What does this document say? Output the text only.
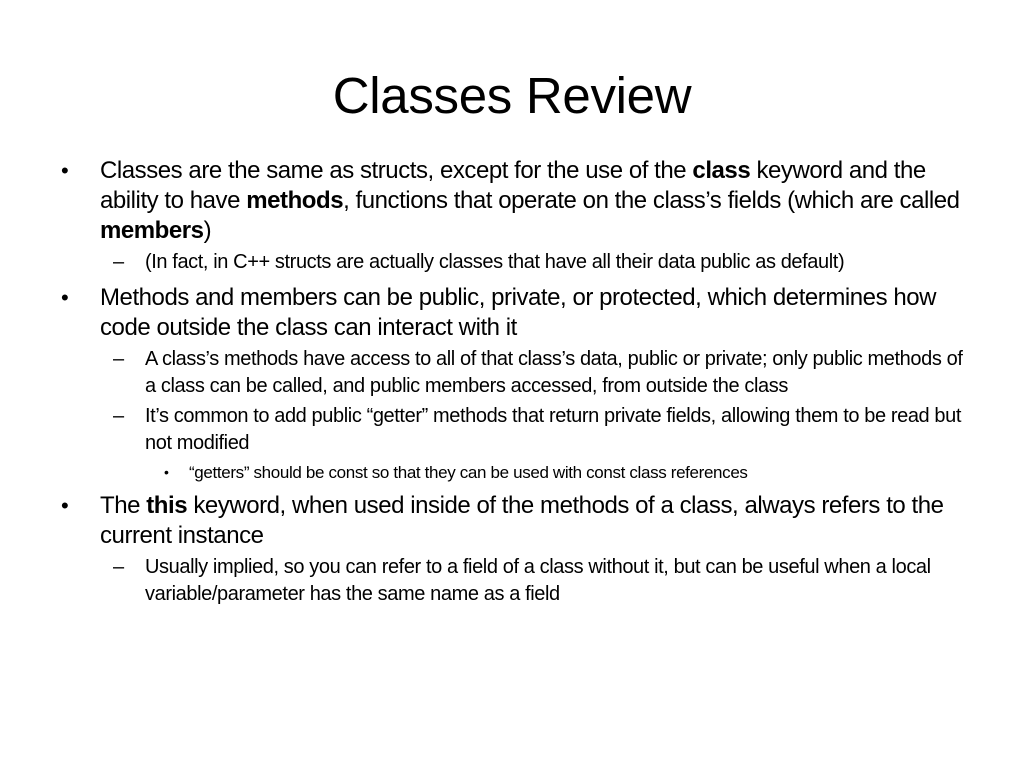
Classes Review

• Classes are the same as structs, except for the use of the class keyword and the ability to have methods, functions that operate on the class’s fields (which are called members)

– (In fact, in C++ structs are actually classes that have all their data public as default)

• Methods and members can be public, private, or protected, which determines how code outside the class can interact with it

– A class’s methods have access to all of that class’s data, public or private; only public methods of a class can be called, and public members accessed, from outside the class

– It’s common to add public “getter” methods that return private fields, allowing them to be read but not modified

• “getters” should be const so that they can be used with const class references

• The this keyword, when used inside of the methods of a class, always refers to the current instance

– Usually implied, so you can refer to a field of a class without it, but can be useful when a local variable/parameter has the same name as a field
